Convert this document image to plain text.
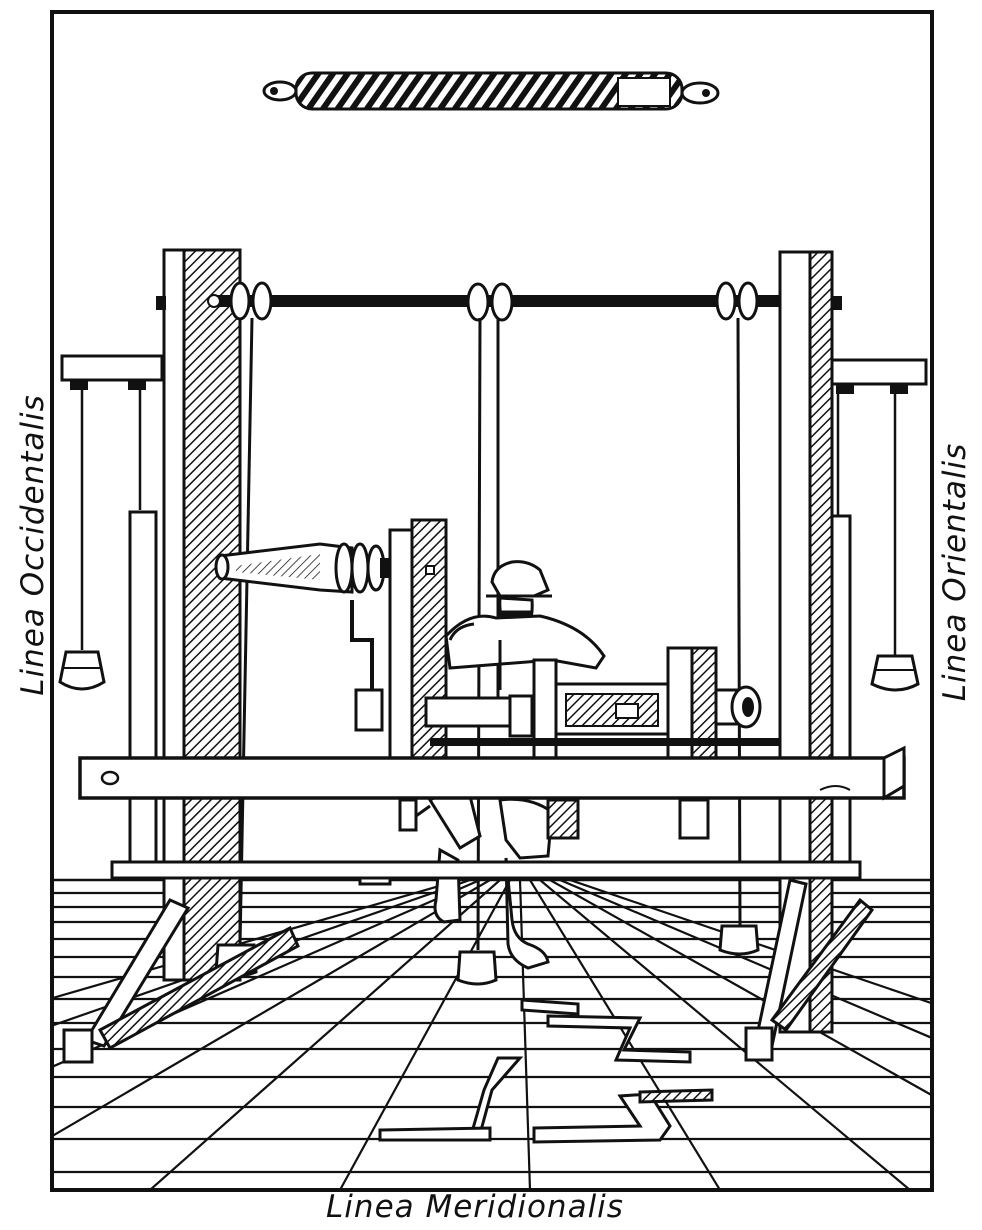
Linea Occidentalis	Linea Orientalis
Linea Meridionalis
